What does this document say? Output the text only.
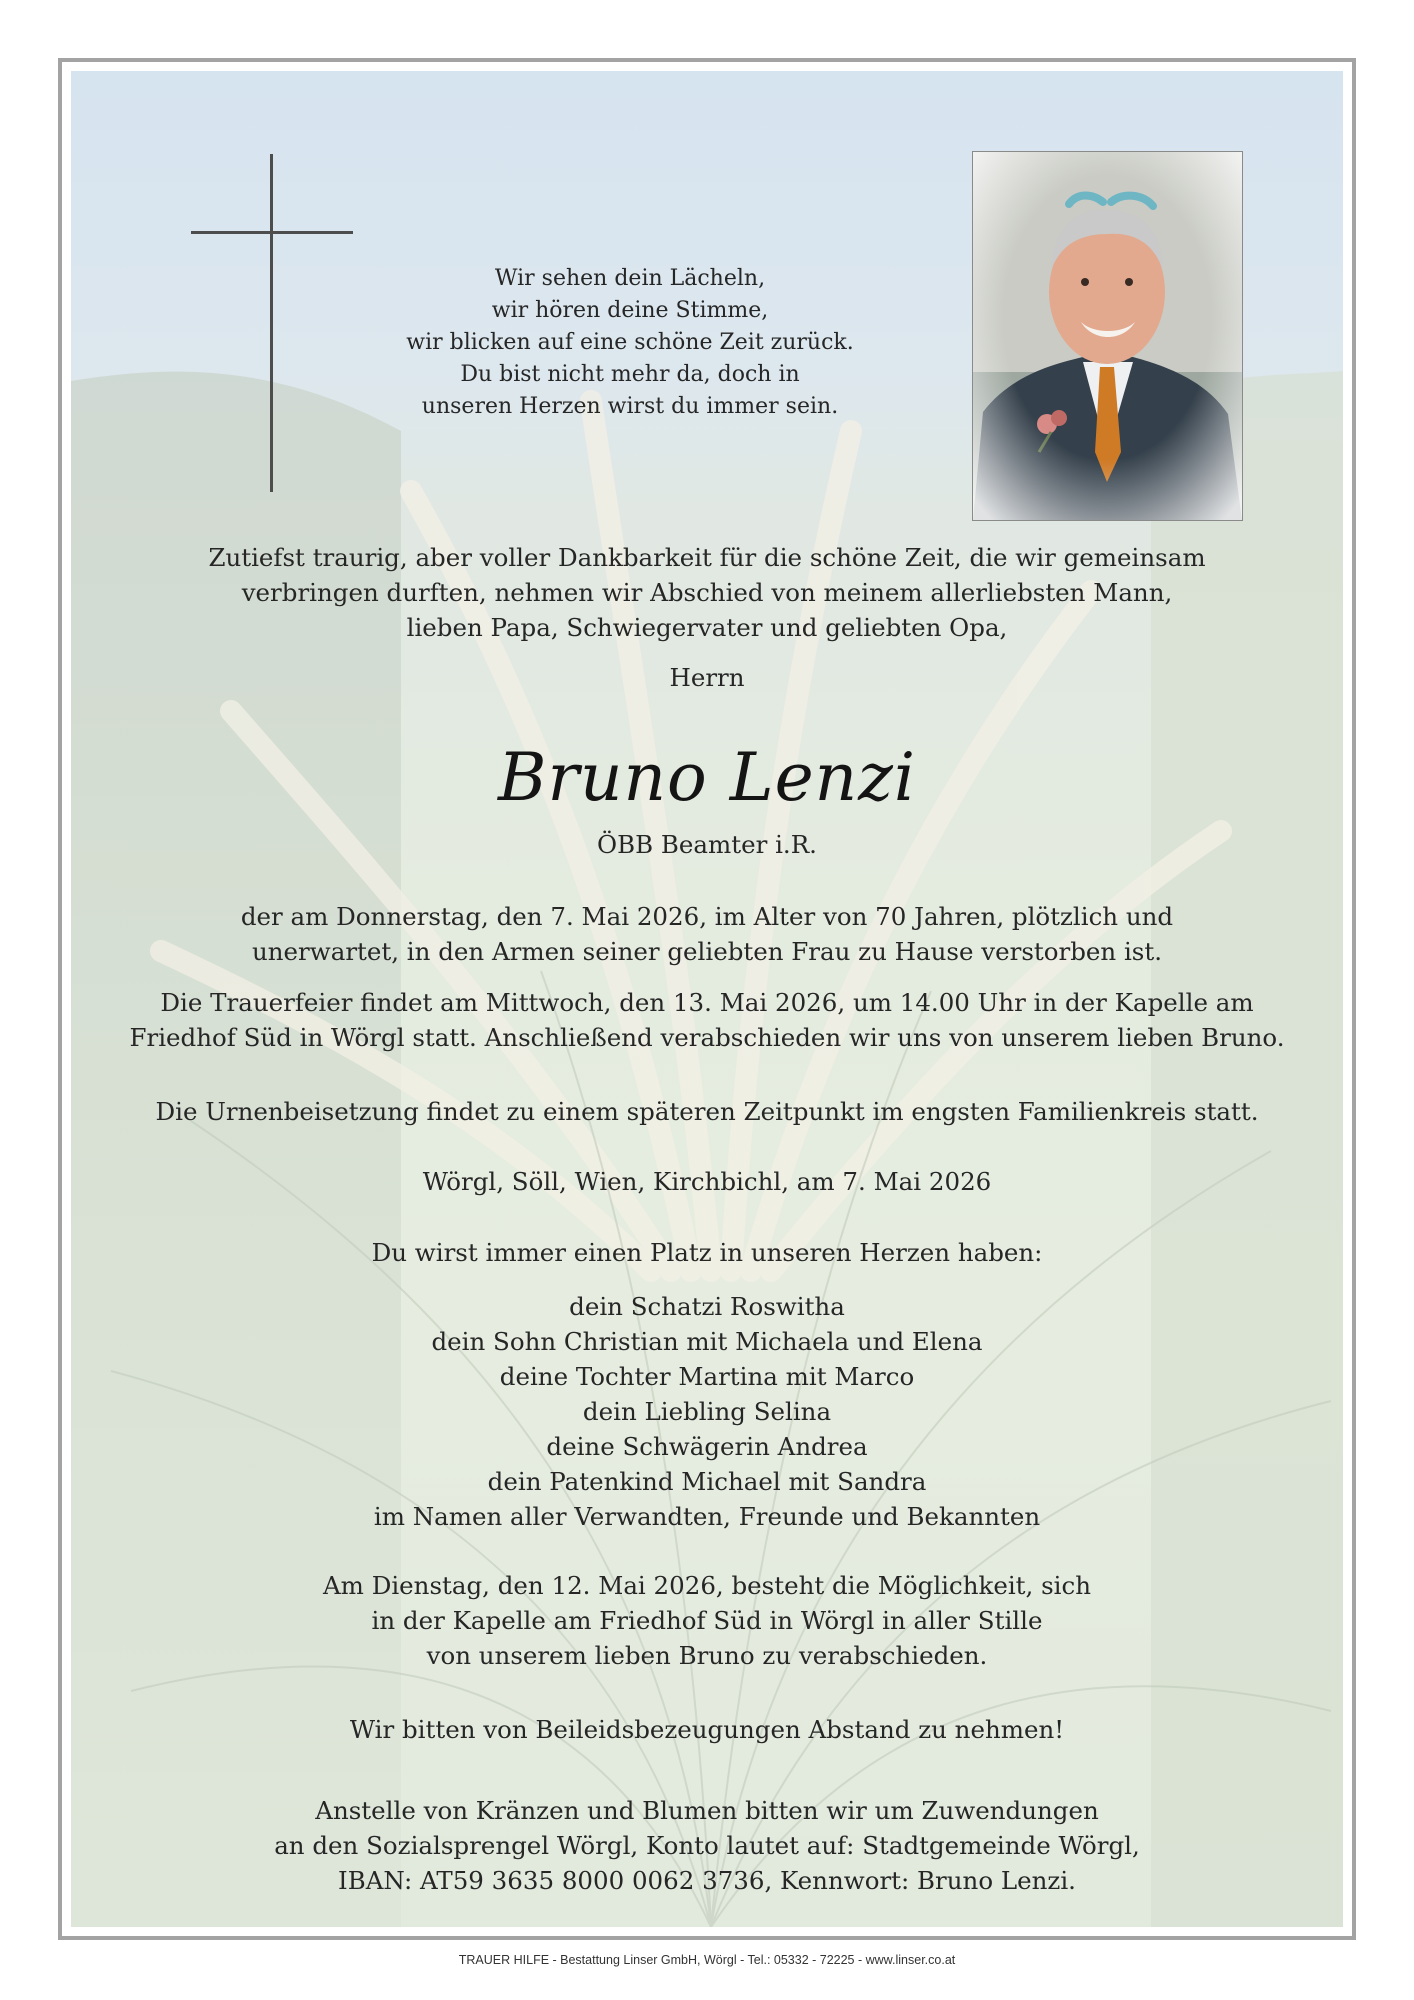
Wir sehen dein Lächeln,
wir hören deine Stimme,
wir blicken auf eine schöne Zeit zurück.
Du bist nicht mehr da, doch in
unseren Herzen wirst du immer sein.
Zutiefst traurig, aber voller Dankbarkeit für die schöne Zeit, die wir gemeinsam
verbringen durften, nehmen wir Abschied von meinem allerliebsten Mann,
lieben Papa, Schwiegervater und geliebten Opa,
Herrn
Bruno Lenzi
ÖBB Beamter i.R.
der am Donnerstag, den 7. Mai 2026, im Alter von 70 Jahren, plötzlich und
unerwartet, in den Armen seiner geliebten Frau zu Hause verstorben ist.
Die Trauerfeier findet am Mittwoch, den 13. Mai 2026, um 14.00 Uhr in der Kapelle am
Friedhof Süd in Wörgl statt. Anschließend verabschieden wir uns von unserem lieben Bruno.
Die Urnenbeisetzung findet zu einem späteren Zeitpunkt im engsten Familienkreis statt.
Wörgl, Söll, Wien, Kirchbichl, am 7. Mai 2026
Du wirst immer einen Platz in unseren Herzen haben:
dein Schatzi Roswitha
dein Sohn Christian mit Michaela und Elena
deine Tochter Martina mit Marco
dein Liebling Selina
deine Schwägerin Andrea
dein Patenkind Michael mit Sandra
im Namen aller Verwandten, Freunde und Bekannten
Am Dienstag, den 12. Mai 2026, besteht die Möglichkeit, sich
in der Kapelle am Friedhof Süd in Wörgl in aller Stille
von unserem lieben Bruno zu verabschieden.
Wir bitten von Beileidsbezeugungen Abstand zu nehmen!
Anstelle von Kränzen und Blumen bitten wir um Zuwendungen
an den Sozialsprengel Wörgl, Konto lautet auf: Stadtgemeinde Wörgl,
IBAN: AT59 3635 8000 0062 3736, Kennwort: Bruno Lenzi.
TRAUER HILFE - Bestattung Linser GmbH, Wörgl - Tel.: 05332 - 72225 - www.linser.co.at
